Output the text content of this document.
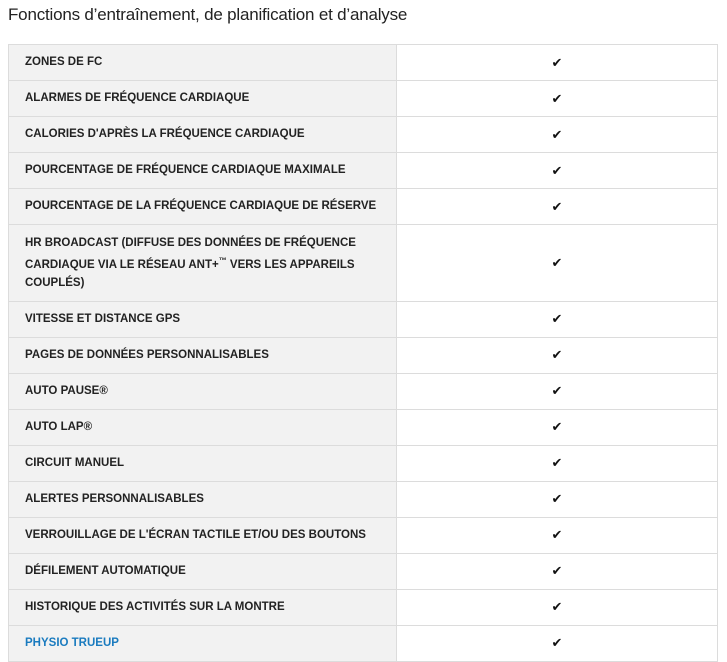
Fonctions d’entraînement, de planification et d’analyse
ZONES DE FC	✔
ALARMES DE FRÉQUENCE CARDIAQUE	✔
CALORIES D'APRÈS LA FRÉQUENCE CARDIAQUE	✔
POURCENTAGE DE FRÉQUENCE CARDIAQUE MAXIMALE	✔
POURCENTAGE DE LA FRÉQUENCE CARDIAQUE DE RÉSERVE	✔
HR BROADCAST (DIFFUSE DES DONNÉES DE FRÉQUENCE CARDIAQUE VIA LE RÉSEAU ANT+™ VERS LES APPAREILS COUPLÉS)	✔
VITESSE ET DISTANCE GPS	✔
PAGES DE DONNÉES PERSONNALISABLES	✔
AUTO PAUSE®	✔
AUTO LAP®	✔
CIRCUIT MANUEL	✔
ALERTES PERSONNALISABLES	✔
VERROUILLAGE DE L'ÉCRAN TACTILE ET/OU DES BOUTONS	✔
DÉFILEMENT AUTOMATIQUE	✔
HISTORIQUE DES ACTIVITÉS SUR LA MONTRE	✔
PHYSIO TRUEUP	✔
